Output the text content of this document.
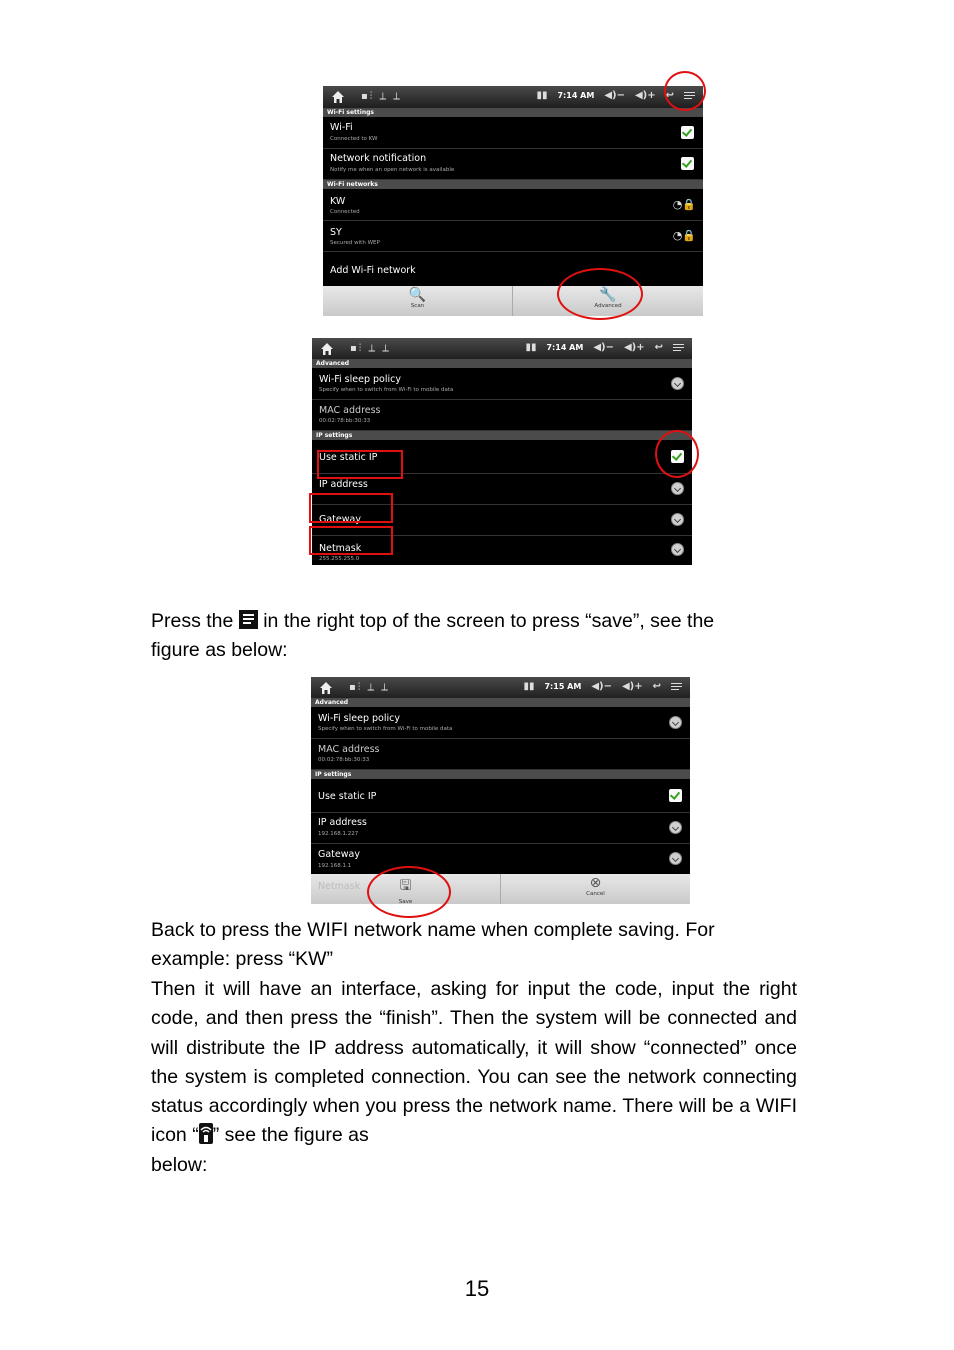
▪⫶ ⟂ ⟂	▮▮ 7:14 AM ◀)− ◀)+ ↩
Wi-Fi settings
Wi-Fi
Connected to KW
Network notification
Notify me when an open network is available
Wi-Fi networks
KW
Connected
◔🔒
SY
Secured with WEP
◔🔒
Add Wi-Fi network
🔍
Scan
🔧
Advanced
▪⫶ ⟂ ⟂	▮▮ 7:14 AM ◀)− ◀)+ ↩
Advanced
Wi-Fi sleep policy
Specify when to switch from Wi-Fi to mobile data
MAC address
00:02:78:bb:30:33
IP settings
Use static IP
IP address
Gateway
Netmask
255.255.255.0
Press the in the right top of the screen to press “save”, see the
figure as below:
▪⫶ ⟂ ⟂	▮▮ 7:15 AM ◀)− ◀)+ ↩
Advanced
Wi-Fi sleep policy
Specify when to switch from Wi-Fi to mobile data
MAC address
00:02:78:bb:30:33
IP settings
Use static IP
IP address
192.168.1.227
Gateway
192.168.1.1
Netmask	🖫
Save
⊗
Cancel
Back to press the WIFI network name when complete saving. For
example: press “KW”
Then it will have an interface, asking for input the code, input the right code, and then press the “finish”. Then the system will be connected and will distribute the IP address automatically, it will show “connected” once the system is completed connection. You can see the network connecting status accordingly when you press the network name. There will be a WIFI icon “ ” see the figure as
below:
15
